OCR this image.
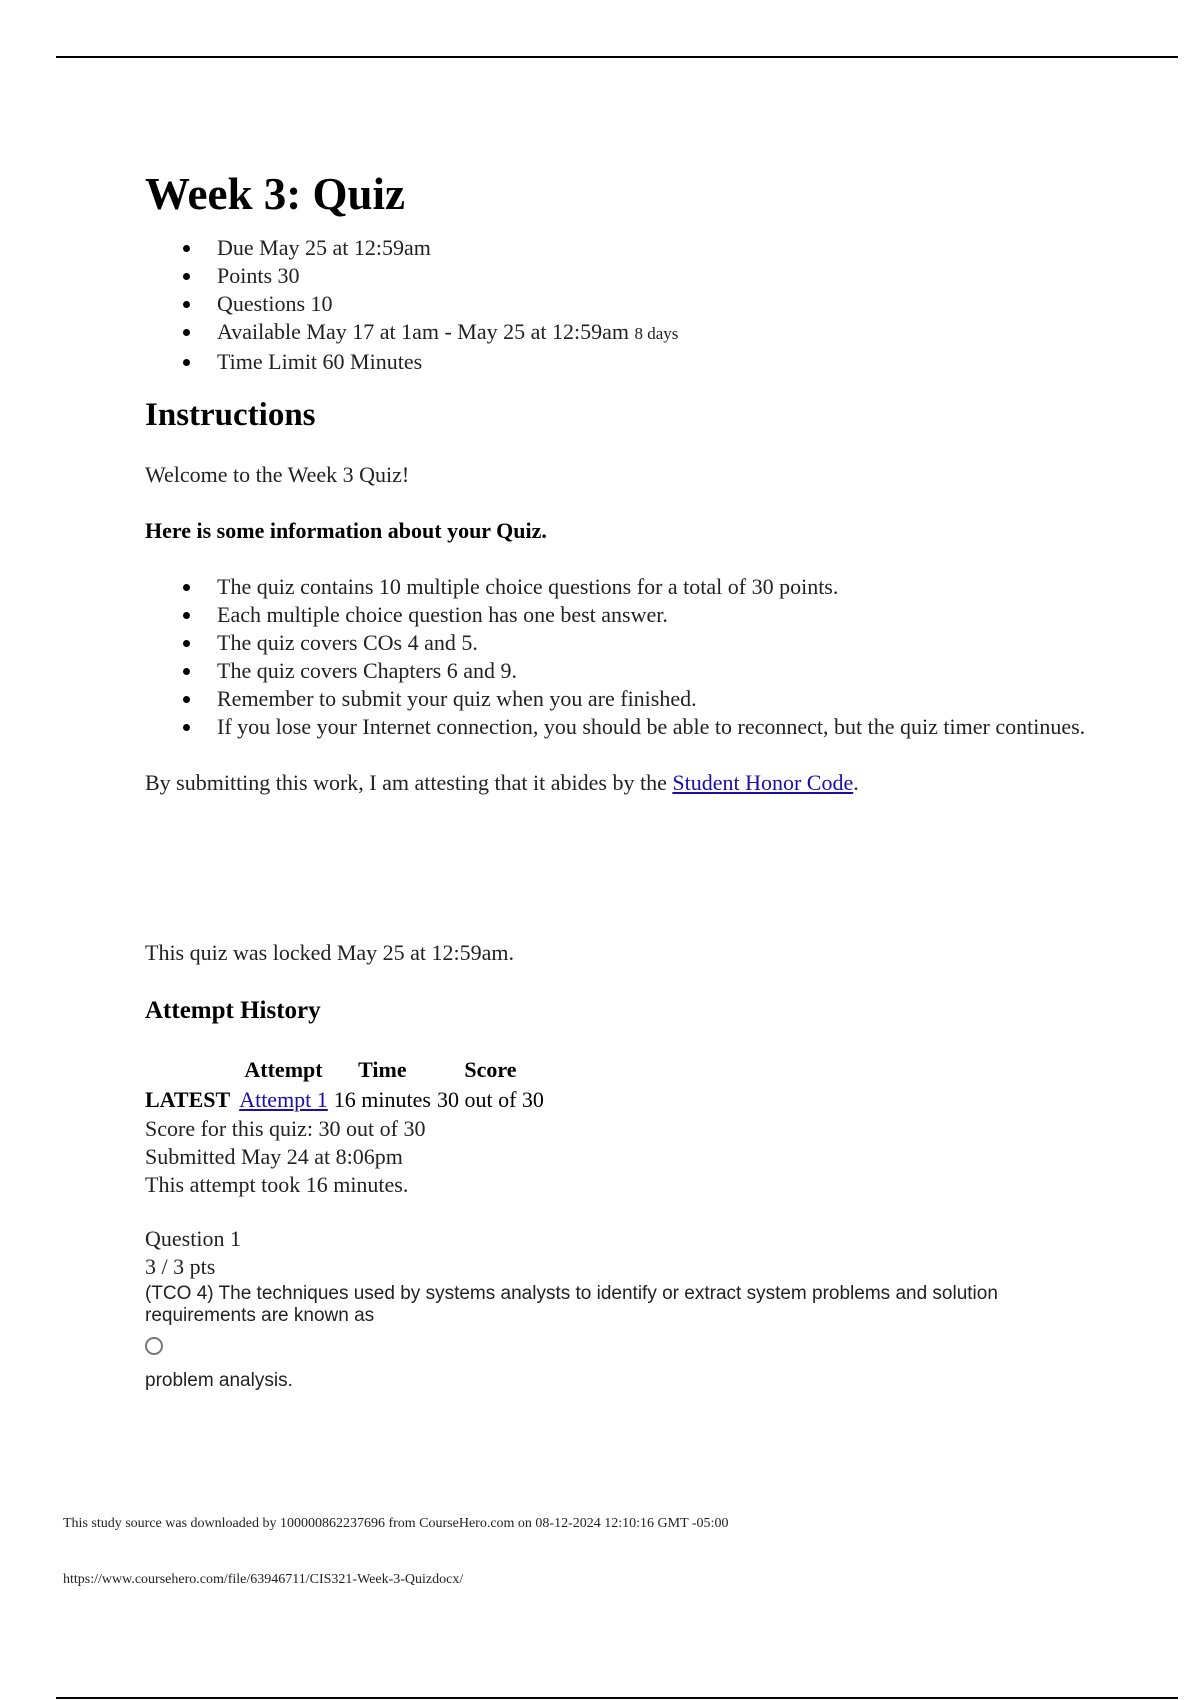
Week 3: Quiz
Due May 25 at 12:59am
Points 30
Questions 10
Available May 17 at 1am - May 25 at 12:59am 8 days
Time Limit 60 Minutes
Instructions

Welcome to the Week 3 Quiz!

Here is some information about your Quiz.

The quiz contains 10 multiple choice questions for a total of 30 points.
Each multiple choice question has one best answer.
The quiz covers COs 4 and 5.
The quiz covers Chapters 6 and 9.
Remember to submit your quiz when you are finished.
If you lose your Internet connection, you should be able to reconnect, but the quiz timer continues.

By submitting this work, I am attesting that it abides by the Student Honor Code.

This quiz was locked May 25 at 12:59am.

Attempt History
	Attempt	Time	Score
LATEST	Attempt 1	16 minutes	30 out of 30

Score for this quiz: 30 out of 30

Submitted May 24 at 8:06pm

This attempt took 16 minutes.

Question 1

3 / 3 pts

(TCO 4) The techniques used by systems analysts to identify or extract system problems and solution requirements are known as
problem analysis.
This study source was downloaded by 100000862237696 from CourseHero.com on 08-12-2024 12:10:16 GMT -05:00
https://www.coursehero.com/file/63946711/CIS321-Week-3-Quizdocx/
